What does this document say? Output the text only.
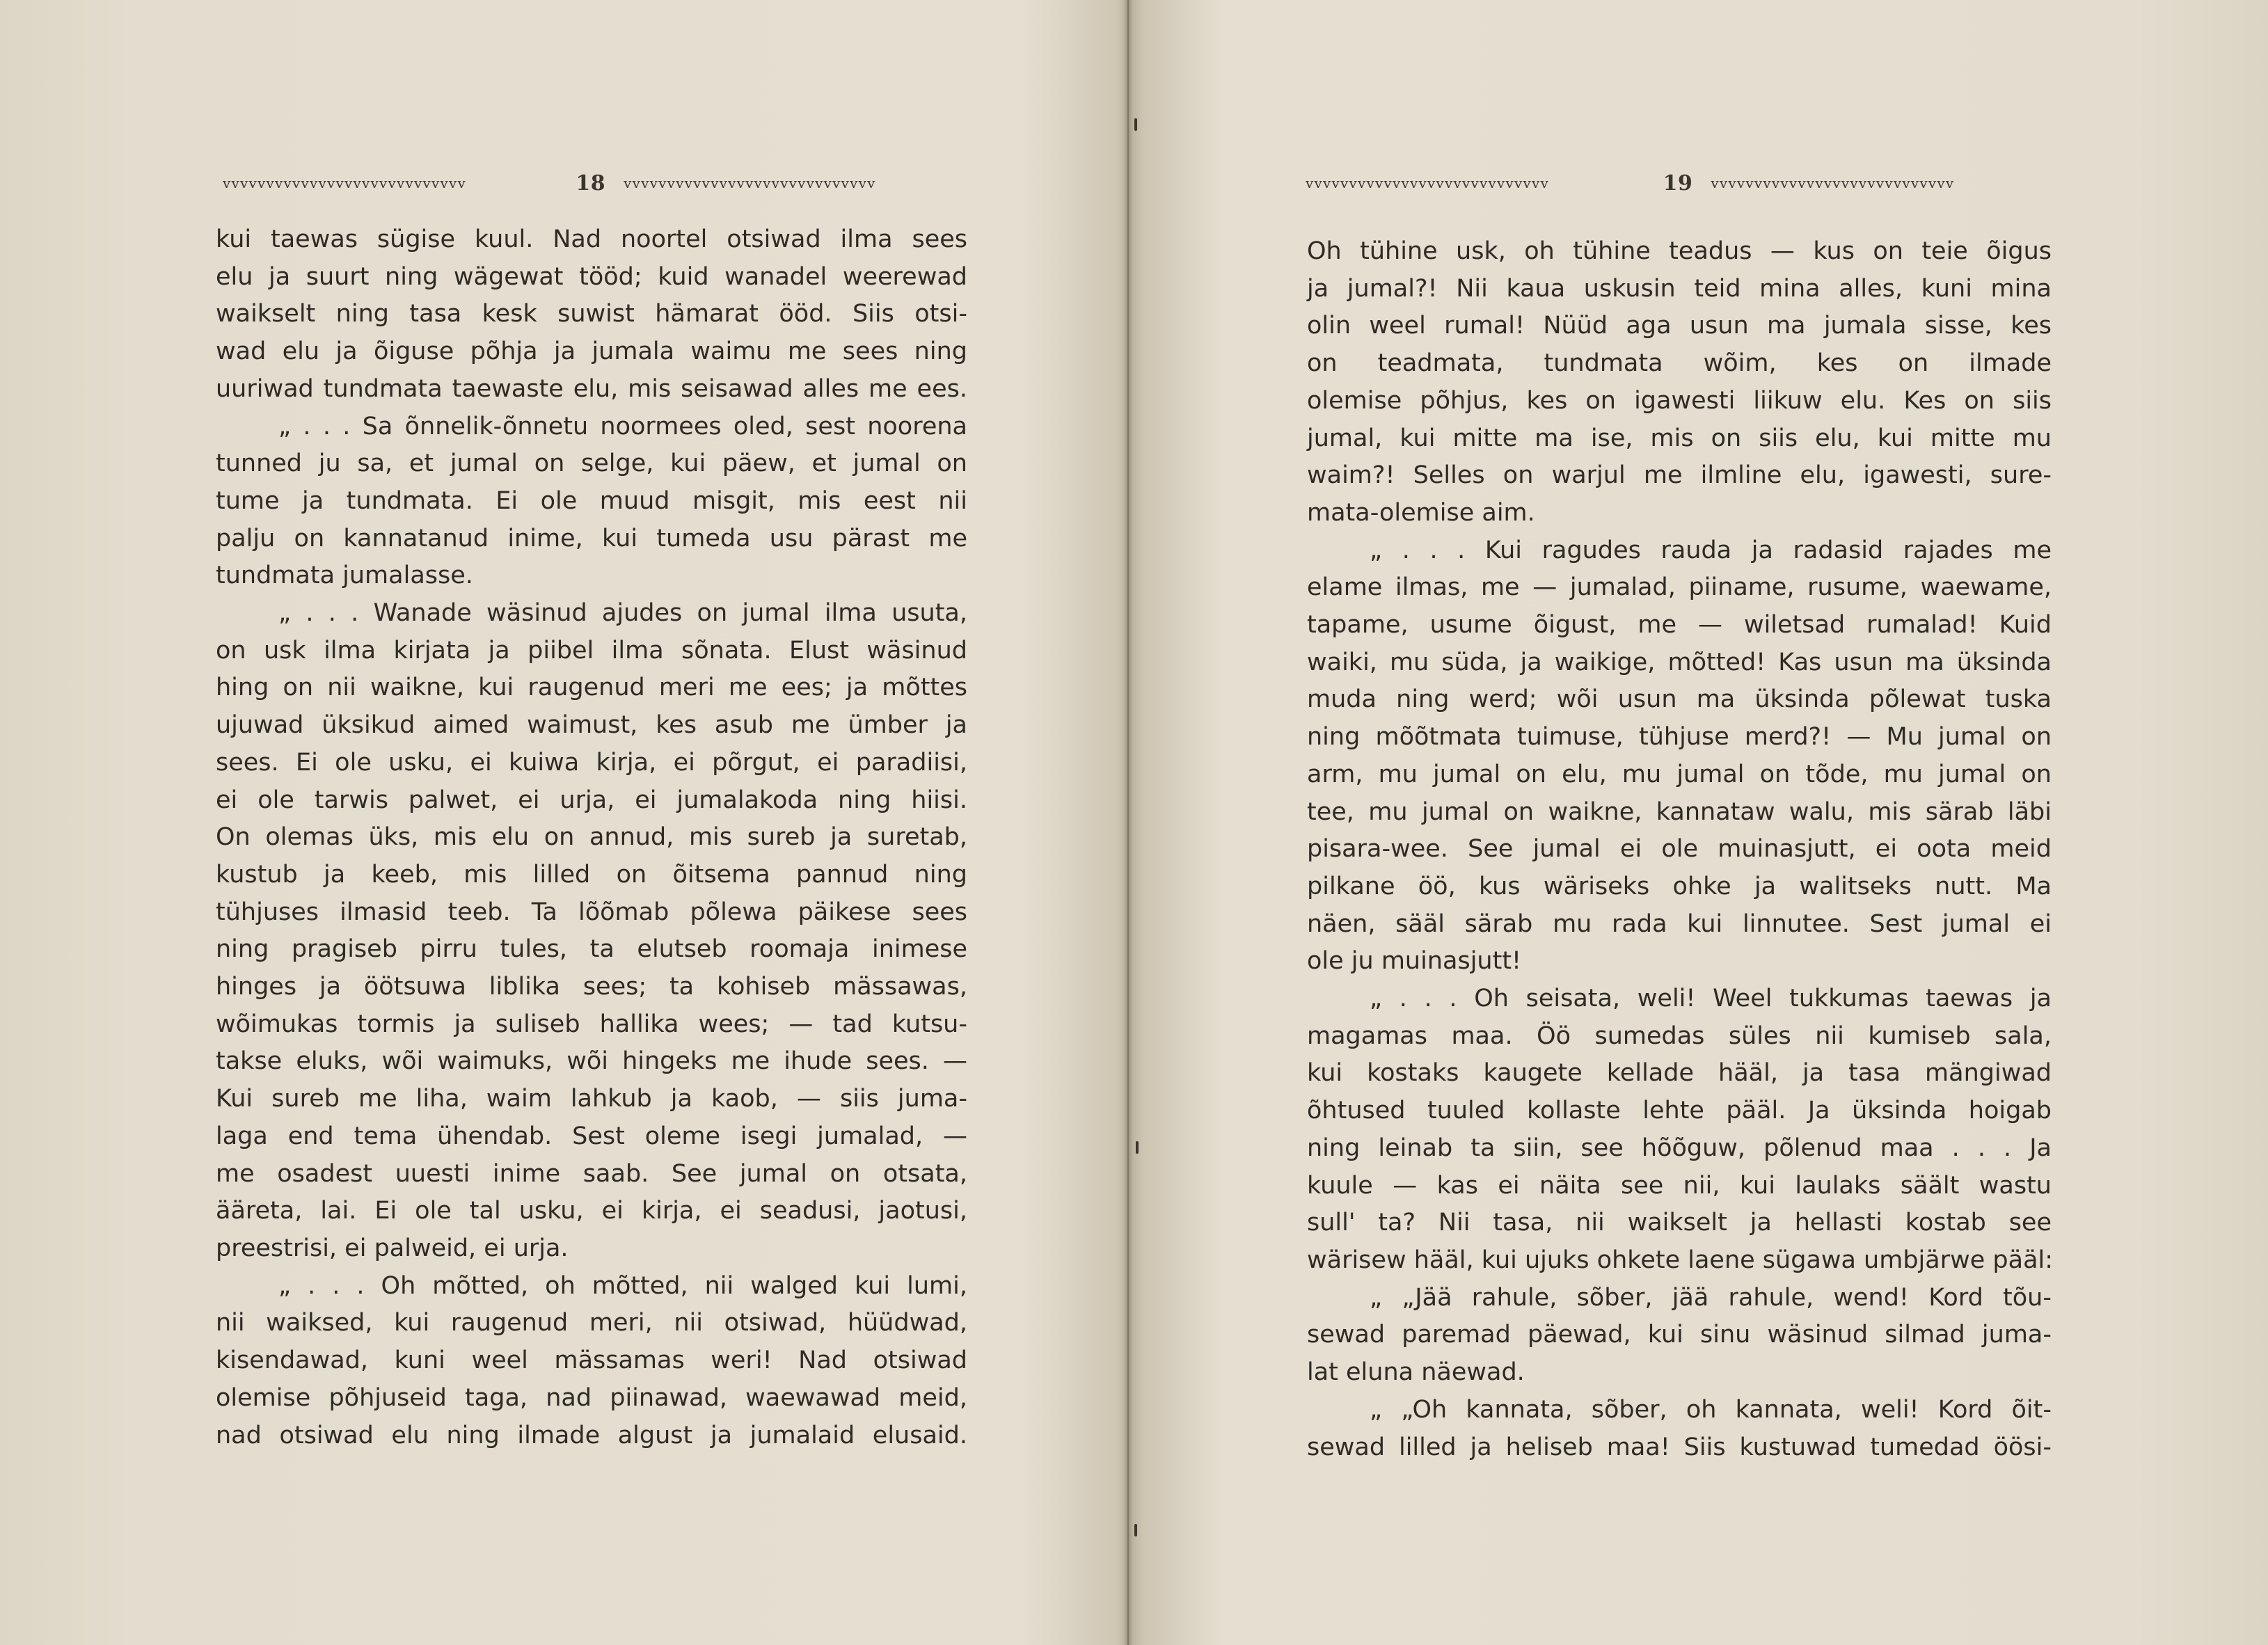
vvvvvvvvvvvvvvvvvvvvvvvvvvvv	18	vvvvvvvvvvvvvvvvvvvvvvvvvvvvv

kui taewas sügise kuul. Nad noortel otsiwad ilma sees

elu ja suurt ning wägewat tööd; kuid wanadel weerewad

waikselt ning tasa kesk suwist hämarat ööd. Siis otsi-

wad elu ja õiguse põhja ja jumala waimu me sees ning

uuriwad tundmata taewaste elu, mis seisawad alles me ees.

„ . . . Sa õnnelik-õnnetu noormees oled, sest noorena

tunned ju sa, et jumal on selge, kui päew, et jumal on

tume ja tundmata. Ei ole muud misgit, mis eest nii

palju on kannatanud inime, kui tumeda usu pärast me

tundmata jumalasse.

„ . . . Wanade wäsinud ajudes on jumal ilma usuta,

on usk ilma kirjata ja piibel ilma sõnata. Elust wäsinud

hing on nii waikne, kui raugenud meri me ees; ja mõttes

ujuwad üksikud aimed waimust, kes asub me ümber ja

sees. Ei ole usku, ei kuiwa kirja, ei põrgut, ei paradiisi,

ei ole tarwis palwet, ei urja, ei jumalakoda ning hiisi.

On olemas üks, mis elu on annud, mis sureb ja suretab,

kustub ja keeb, mis lilled on õitsema pannud ning

tühjuses ilmasid teeb. Ta lõõmab põlewa päikese sees

ning pragiseb pirru tules, ta elutseb roomaja inimese

hinges ja öötsuwa liblika sees; ta kohiseb mässawas,

wõimukas tormis ja suliseb hallika wees; — tad kutsu-

takse eluks, wõi waimuks, wõi hingeks me ihude sees. —

Kui sureb me liha, waim lahkub ja kaob, — siis juma-

laga end tema ühendab. Sest oleme isegi jumalad, —

me osadest uuesti inime saab. See jumal on otsata,

ääreta, lai. Ei ole tal usku, ei kirja, ei seadusi, jaotusi,

preestrisi, ei palweid, ei urja.

„ . . . Oh mõtted, oh mõtted, nii walged kui lumi,

nii waiksed, kui raugenud meri, nii otsiwad, hüüdwad,

kisendawad, kuni weel mässamas weri! Nad otsiwad

olemise põhjuseid taga, nad piinawad, waewawad meid,

nad otsiwad elu ning ilmade algust ja jumalaid elusaid.

vvvvvvvvvvvvvvvvvvvvvvvvvvvv	19	vvvvvvvvvvvvvvvvvvvvvvvvvvvv

Oh tühine usk, oh tühine teadus — kus on teie õigus

ja jumal?! Nii kaua uskusin teid mina alles, kuni mina

olin weel rumal! Nüüd aga usun ma jumala sisse, kes

on teadmata, tundmata wõim, kes on ilmade

olemise põhjus, kes on igawesti liikuw elu. Kes on siis

jumal, kui mitte ma ise, mis on siis elu, kui mitte mu

waim?! Selles on warjul me ilmline elu, igawesti, sure-

mata-olemise aim.

„ . . . Kui ragudes rauda ja radasid rajades me

elame ilmas, me — jumalad, piiname, rusume, waewame,

tapame, usume õigust, me — wiletsad rumalad! Kuid

waiki, mu süda, ja waikige, mõtted! Kas usun ma üksinda

muda ning werd; wõi usun ma üksinda põlewat tuska

ning mõõtmata tuimuse, tühjuse merd?! — Mu jumal on

arm, mu jumal on elu, mu jumal on tõde, mu jumal on

tee, mu jumal on waikne, kannataw walu, mis särab läbi

pisara-wee. See jumal ei ole muinasjutt, ei oota meid

pilkane öö, kus wäriseks ohke ja walitseks nutt. Ma

näen, sääl särab mu rada kui linnutee. Sest jumal ei

ole ju muinasjutt!

„ . . . Oh seisata, weli! Weel tukkumas taewas ja

magamas maa. Öö sumedas süles nii kumiseb sala,

kui kostaks kaugete kellade hääl, ja tasa mängiwad

õhtused tuuled kollaste lehte pääl. Ja üksinda hoigab

ning leinab ta siin, see hõõguw, põlenud maa . . . Ja

kuule — kas ei näita see nii, kui laulaks säält wastu

sull' ta? Nii tasa, nii waikselt ja hellasti kostab see

wärisew hääl, kui ujuks ohkete laene sügawa umbjärwe pääl:

„ „Jää rahule, sõber, jää rahule, wend! Kord tõu-

sewad paremad päewad, kui sinu wäsinud silmad juma-

lat eluna näewad.

„ „Oh kannata, sõber, oh kannata, weli! Kord õit-

sewad lilled ja heliseb maa! Siis kustuwad tumedad öösi-
